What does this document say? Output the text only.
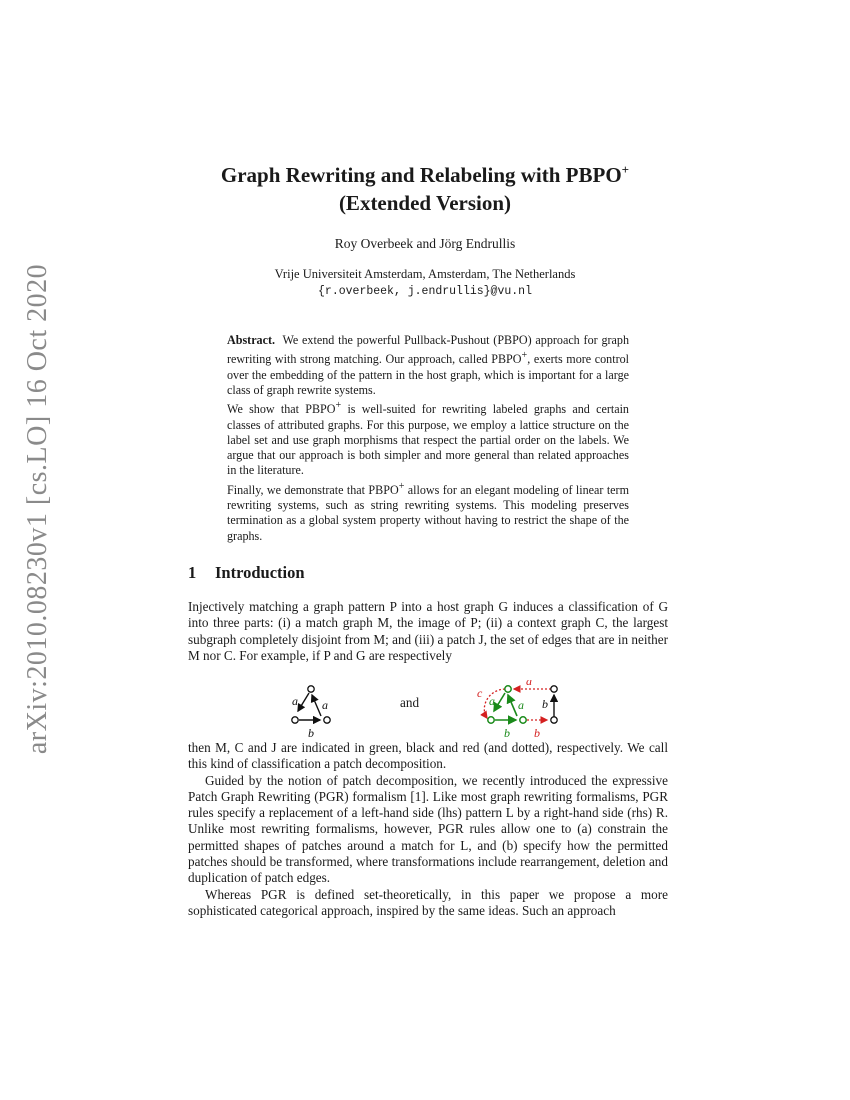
arXiv:2010.08230v1 [cs.LO] 16 Oct 2020
Graph Rewriting and Relabeling with PBPO+
(Extended Version)
Roy Overbeek and Jörg Endrullis
Vrije Universiteit Amsterdam, Amsterdam, The Netherlands
{r.overbeek, j.endrullis}@vu.nl

Abstract. We extend the powerful Pullback-Pushout (PBPO) approach for graph rewriting with strong matching. Our approach, called PBPO+, exerts more control over the embedding of the pattern in the host graph, which is important for a large class of graph rewrite systems.

We show that PBPO+ is well-suited for rewriting labeled graphs and certain classes of attributed graphs. For this purpose, we employ a lattice structure on the label set and use graph morphisms that respect the partial order on the labels. We argue that our approach is both simpler and more general than related approaches in the literature.

Finally, we demonstrate that PBPO+ allows for an elegant modeling of linear term rewriting systems, such as string rewriting systems. This modeling preserves termination as a global system property without having to restrict the shape of the graphs.

1 Introduction
Injectively matching a graph pattern P into a host graph G induces a classification of G into three parts: (i) a match graph M, the image of P; (ii) a context graph C, the largest subgraph completely disjoint from M; and (iii) a patch J, the set of edges that are in neither M nor C. For example, if P and G are respectively
a a
b
a
c
a a
b b
b
and

then M, C and J are indicated in green, black and red (and dotted), respectively. We call this kind of classification a patch decomposition.

Guided by the notion of patch decomposition, we recently introduced the expressive Patch Graph Rewriting (PGR) formalism [1]. Like most graph rewriting formalisms, PGR rules specify a replacement of a left-hand side (lhs) pattern L by a right-hand side (rhs) R. Unlike most rewriting formalisms, however, PGR rules allow one to (a) constrain the permitted shapes of patches around a match for L, and (b) specify how the permitted patches should be transformed, where transformations include rearrangement, deletion and duplication of patch edges.

Whereas PGR is defined set-theoretically, in this paper we propose a more sophisticated categorical approach, inspired by the same ideas. Such an approach
